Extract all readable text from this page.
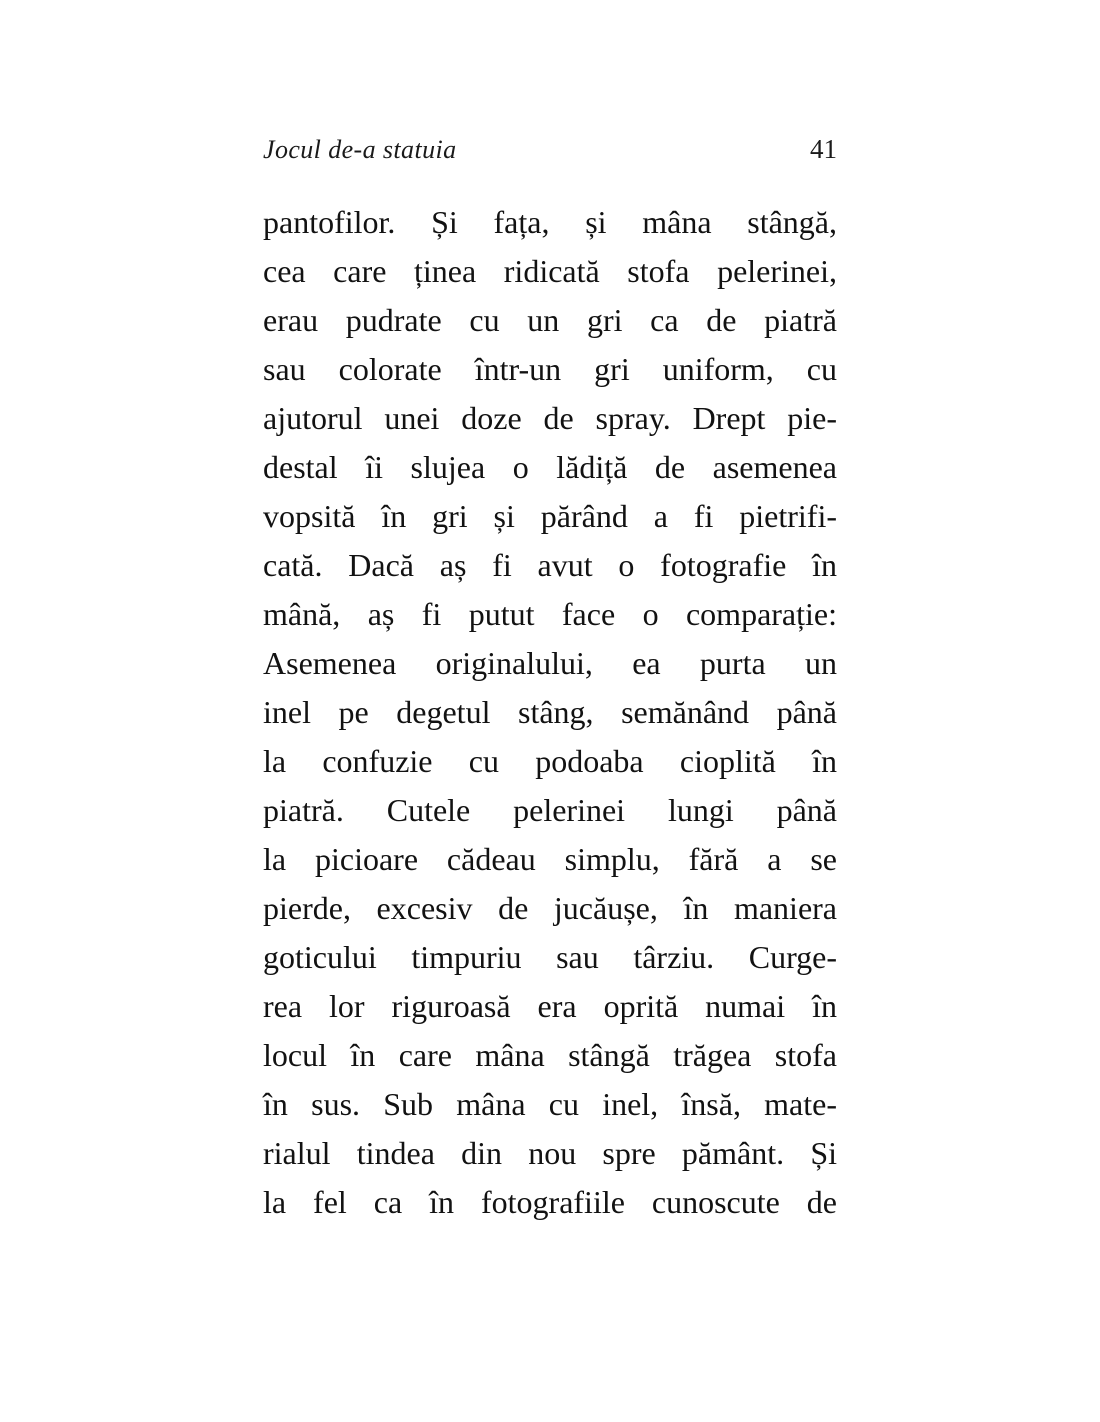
Jocul de-a statuia	41
pantofilor. Și fața, și mâna stângă,
cea care ținea ridicată stofa pelerinei,
erau pudrate cu un gri ca de piatră
sau colorate într-un gri uniform, cu
ajutorul unei doze de spray. Drept pie-
destal îi slujea o lădiță de asemenea
vopsită în gri și părând a fi pietrifi-
cată. Dacă aș fi avut o fotografie în
mână, aș fi putut face o comparație:
Asemenea originalului, ea purta un
inel pe degetul stâng, semănând până
la confuzie cu podoaba cioplită în
piatră. Cutele pelerinei lungi până
la picioare cădeau simplu, fără a se
pierde, excesiv de jucăușe, în maniera
goticului timpuriu sau târziu. Curge-
rea lor riguroasă era oprită numai în
locul în care mâna stângă trăgea stofa
în sus. Sub mâna cu inel, însă, mate-
rialul tindea din nou spre pământ. Și
la fel ca în fotografiile cunoscute de
